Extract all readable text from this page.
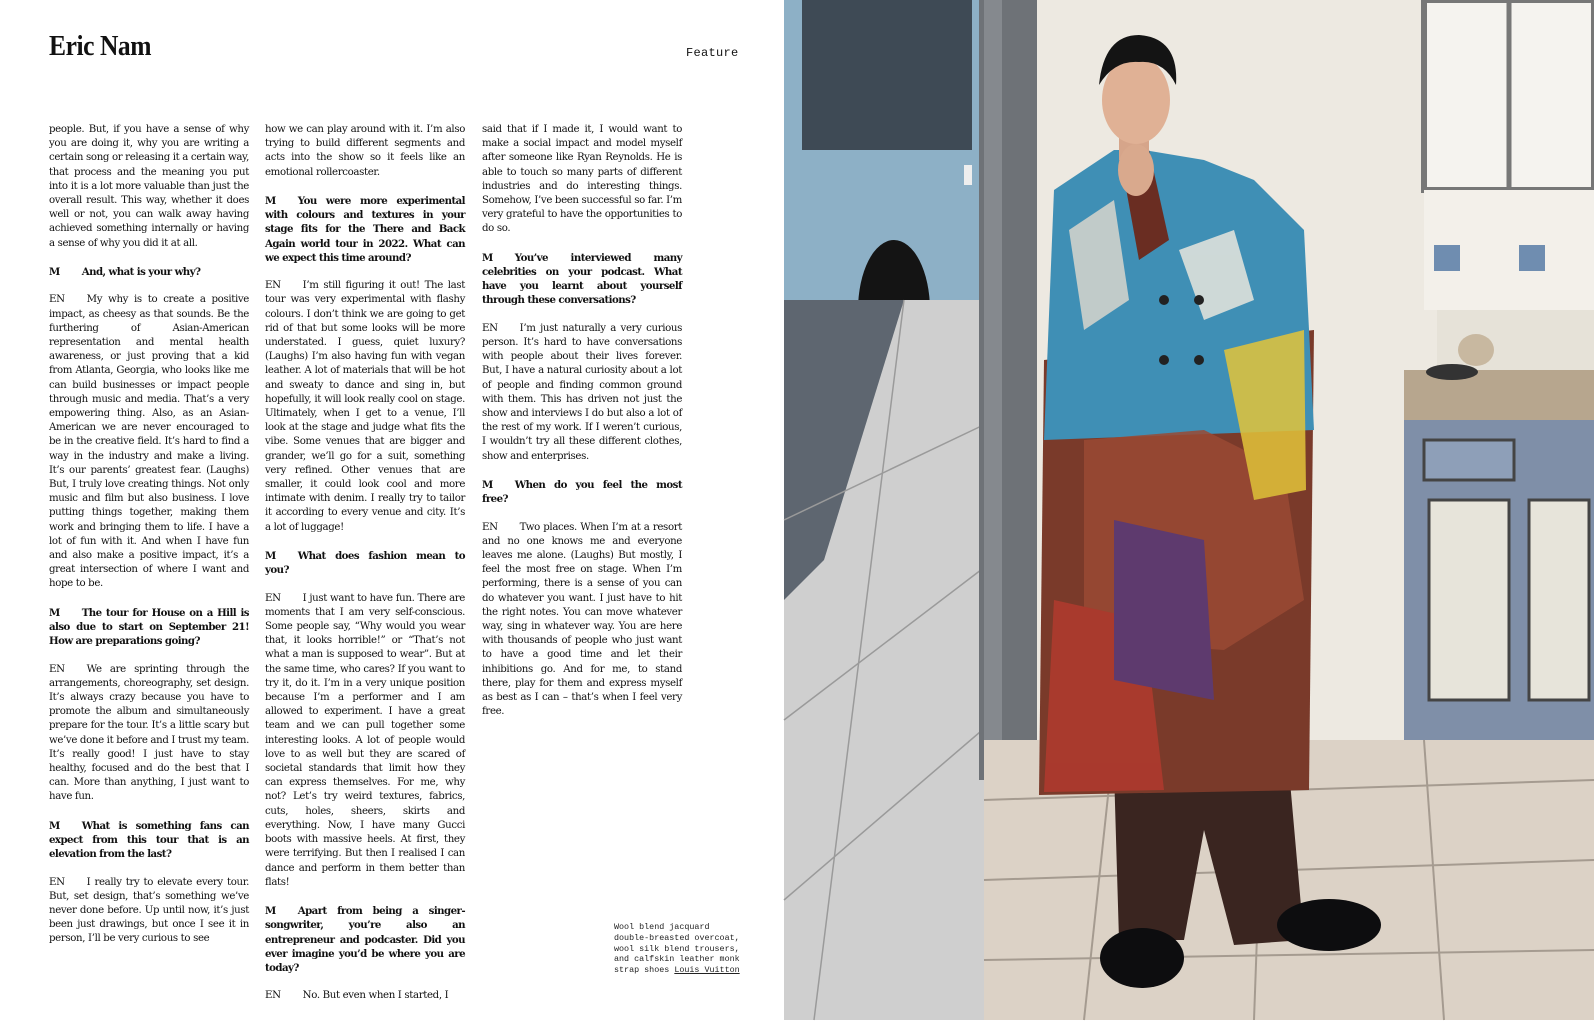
Eric Nam	Feature

people. But, if you have a sense of why you are doing it, why you are writing a certain song or releasing it a certain way, that process and the meaning you put into it is a lot more valuable than just the overall result. This way, whether it does well or not, you can walk away having achieved something internally or having a sense of why you did it at all.

M And, what is your why?

EN My why is to create a positive impact, as cheesy as that sounds. Be the furthering of Asian-American representation and mental health awareness, or just proving that a kid from Atlanta, Georgia, who looks like me can build businesses or impact people through music and media. That’s a very empowering thing. Also, as an Asian-American we are never encouraged to be in the creative field. It’s hard to find a way in the industry and make a living. It’s our parents’ greatest fear. (Laughs) But, I truly love creating things. Not only music and film but also business. I love putting things together, making them work and bringing them to life. I have a lot of fun with it. And when I have fun and also make a positive impact, it’s a great intersection of where I want and hope to be.

M The tour for House on a Hill is also due to start on September 21! How are preparations going?

EN We are sprinting through the arrangements, choreography, set design. It’s always crazy because you have to promote the album and simultaneously prepare for the tour. It’s a little scary but we’ve done it before and I trust my team. It’s really good! I just have to stay healthy, focused and do the best that I can. More than anything, I just want to have fun.

M What is something fans can expect from this tour that is an elevation from the last?

EN I really try to elevate every tour. But, set design, that’s something we’ve never done before. Up until now, it’s just been just drawings, but once I see it in person, I’ll be very curious to see

how we can play around with it. I’m also trying to build different segments and acts into the show so it feels like an emotional rollercoaster.

M You were more experimental with colours and textures in your stage fits for the There and Back Again world tour in 2022. What can we expect this time around?

EN I’m still figuring it out! The last tour was very experimental with flashy colours. I don’t think we are going to get rid of that but some looks will be more understated. I guess, quiet luxury? (Laughs) I’m also having fun with vegan leather. A lot of materials that will be hot and sweaty to dance and sing in, but hopefully, it will look really cool on stage. Ultimately, when I get to a venue, I’ll look at the stage and judge what fits the vibe. Some venues that are bigger and grander, we’ll go for a suit, something very refined. Other venues that are smaller, it could look cool and more intimate with denim. I really try to tailor it according to every venue and city. It’s a lot of luggage!

M What does fashion mean to you?

EN I just want to have fun. There are moments that I am very self-conscious. Some people say, “Why would you wear that, it looks horrible!” or “That’s not what a man is supposed to wear”. But at the same time, who cares? If you want to try it, do it. I’m in a very unique position because I’m a performer and I am allowed to experiment. I have a great team and we can pull together some interesting looks. A lot of people would love to as well but they are scared of societal standards that limit how they can express themselves. For me, why not? Let’s try weird textures, fabrics, cuts, holes, sheers, skirts and everything. Now, I have many Gucci boots with massive heels. At first, they were terrifying. But then I realised I can dance and perform in them better than flats!

M Apart from being a singer-songwriter, you’re also an entrepreneur and podcaster. Did you ever imagine you’d be where you are today?

EN No. But even when I started, I

said that if I made it, I would want to make a social impact and model myself after someone like Ryan Reynolds. He is able to touch so many parts of different industries and do interesting things. Somehow, I’ve been successful so far. I’m very grateful to have the opportunities to do so.

M You’ve interviewed many celebrities on your podcast. What have you learnt about yourself through these conversations?

EN I’m just naturally a very curious person. It’s hard to have conversations with people about their lives forever. But, I have a natural curiosity about a lot of people and finding common ground with them. This has driven not just the show and interviews I do but also a lot of the rest of my work. If I weren’t curious, I wouldn’t try all these different clothes, show and enterprises.

M When do you feel the most free?

EN Two places. When I’m at a resort and no one knows me and everyone leaves me alone. (Laughs) But mostly, I feel the most free on stage. When I’m performing, there is a sense of you can do whatever you want. I just have to hit the right notes. You can move whatever way, sing in whatever way. You are here with thousands of people who just want to have a good time and let their inhibitions go. And for me, to stand there, play for them and express myself as best as I can – that’s when I feel very free.

Wool blend jacquard double-breasted overcoat, wool silk blend trousers, and calfskin leather monk strap shoes Louis Vuitton
